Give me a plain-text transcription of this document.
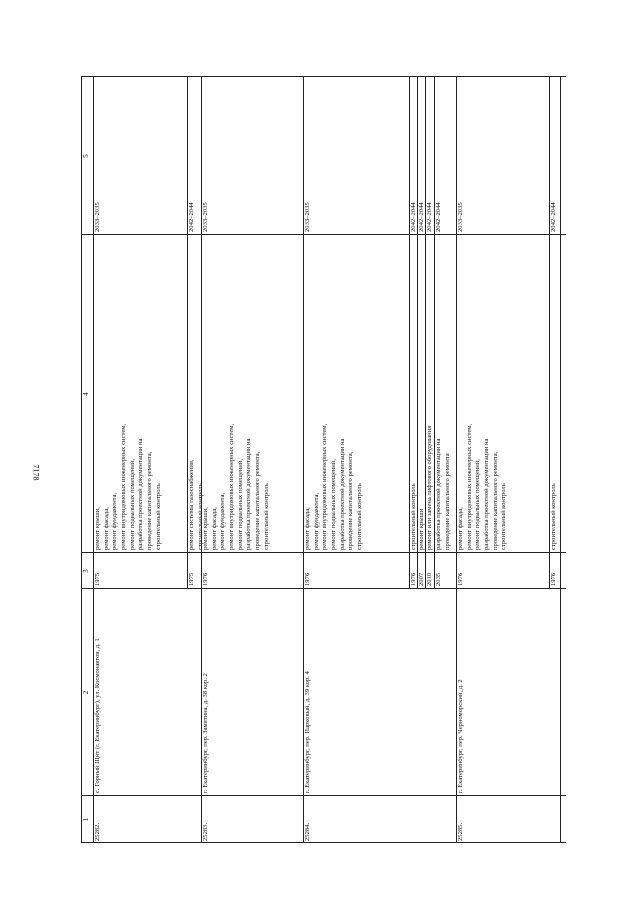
7178
1
2
3
4
5
25282.
с. Горный Щит (г. Екатеринбург), ул. Космонавтов, д. 1
1975
ремонт крыши, ремонт фасада, ремонт фундамента, ремонт внутридомовых инженерных систем, ремонт подвальных помещений, разработка проектной документации на проведение капитального ремонта, строительный контроль
2033–2035
1975
ремонт системы газоснабжения, строительный контроль
2042–2044
25283.
г. Екатеринбург, пер. Замятина, д. 38 кор. 2
1976
ремонт крыши, ремонт фасада, ремонт фундамента, ремонт внутридомовых инженерных систем, ремонт подвальных помещений, разработка проектной документации на проведение капитального ремонта, строительный контроль
2033–2035
25284.
г. Екатеринбург, пер. Парковый, д. 39 кор. 4
1976
ремонт фасада, ремонт фундамента, ремонт внутридомовых инженерных систем, ремонт подвальных помещений, разработка проектной документации на проведение капитального ремонта, строительный контроль
2033–2035
1976
строительный контроль
2042–2044
2007
ремонт крыши
2042–2044
2010
ремонт или замена лифтового оборудования
2042–2044
2035
разработка проектной документации на проведение капитального ремонта
2042–2044
25285.
г. Екатеринбург, пер. Черноморский, д. 2
1976
ремонт фасада, ремонт внутридомовых инженерных систем, ремонт подвальных помещений, разработка проектной документации на проведение капитального ремонта, строительный контроль
2033–2035
1976
строительный контроль
2042–2044
